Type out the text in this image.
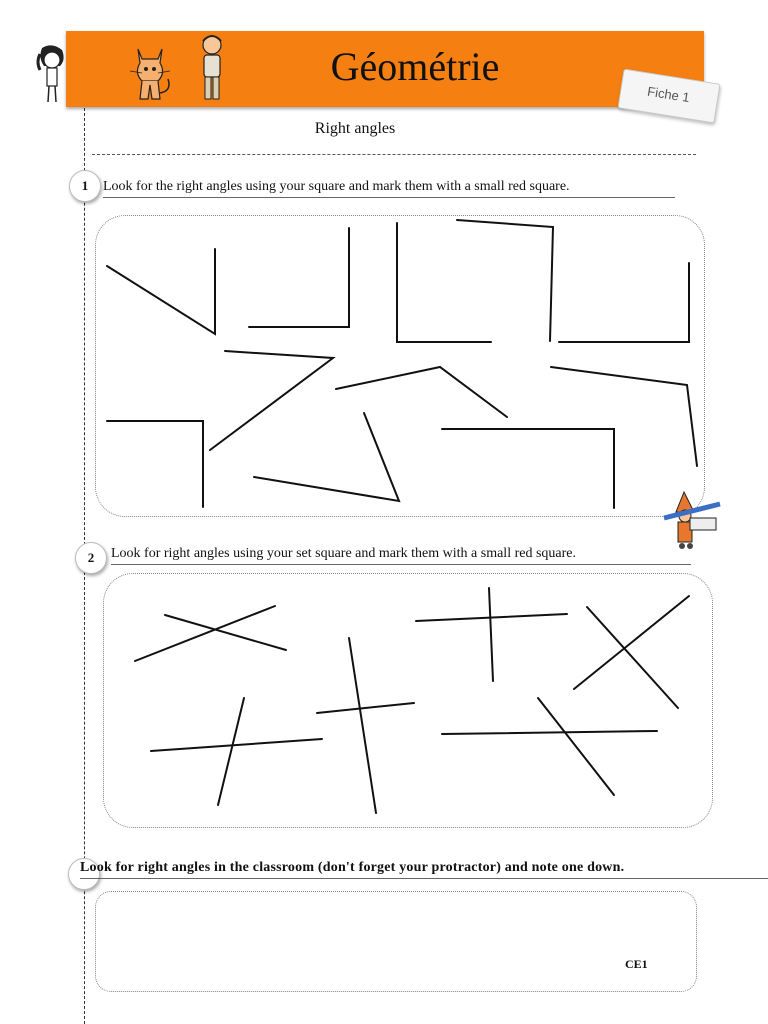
Géométrie
Fiche 1
Right angles
1	Look for the right angles using your square and mark them with a small red square.
2	Look for right angles using your set square and mark them with a small red square.
Look for right angles in the classroom (don't forget your protractor) and note one down.
CE1
